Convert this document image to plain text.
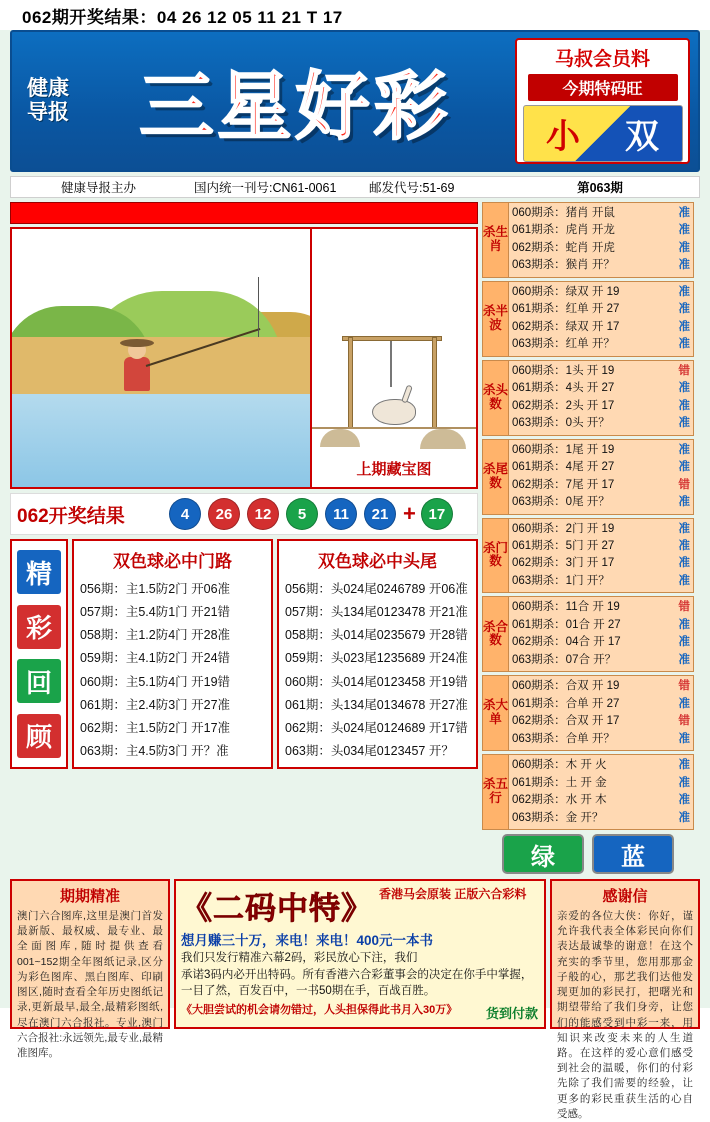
062期开奖结果：04 26 12 05 11 21 T 17
健康导报 三星好彩
马叔会员料
今期特码旺
小	双
健康导报主办	国内统一刊号:CN61-0061	邮发代号:51-69	第063期
上期藏宝图
062开奖结果	4	26	12	5	11	21 + 17
精
彩
回
顾
双色球必中门路
056期：主1.5防2门 开06准
057期：主5.4防1门 开21错
058期：主1.2防4门 开28准
059期：主4.1防2门 开24错
060期：主5.1防4门 开19错
061期：主2.4防3门 开27准
062期：主1.5防2门 开17准
063期：主4.5防3门 开？准
双色球必中头尾
056期：头024尾0246789 开06准
057期：头134尾0123478 开21准
058期：头014尾0235679 开28错
059期：头023尾1235689 开24准
060期：头014尾0123458 开19错
061期：头134尾0134678 开27准
062期：头024尾0124689 开17错
063期：头034尾0123457 开？
杀生肖
060期杀：猪肖 开鼠	准
061期杀：虎肖 开龙	准
062期杀：蛇肖 开虎	准
063期杀：猴肖 开？	准
杀半波
060期杀：绿双 开 19	准
061期杀：红单 开 27	准
062期杀：绿双 开 17	准
063期杀：红单 开？	准
杀头数
060期杀：1头 开 19	错
061期杀：4头 开 27	准
062期杀：2头 开 17	准
063期杀：0头 开？	准
杀尾数
060期杀：1尾 开 19	准
061期杀：4尾 开 27	准
062期杀：7尾 开 17	错
063期杀：0尾 开？	准
杀门数
060期杀：2门 开 19	准
061期杀：5门 开 27	准
062期杀：3门 开 17	准
063期杀：1门 开？	准
杀合数
060期杀：11合 开 19	错
061期杀：01合 开 27	准
062期杀：04合 开 17	准
063期杀：07合 开？	准
杀大单
060期杀：合双 开 19	错
061期杀：合单 开 27	准
062期杀：合双 开 17	错
063期杀：合单 开？	准
杀五行
060期杀：木 开 火	准
061期杀：土 开 金	准
062期杀：水 开 木	准
063期杀：金 开？	准
绿	蓝
期期精准

澳门六合图库,这里是澳门首发最新版、最权威、最专业、最全面图库,随时提供查看001~152期全年图纸记录,区分为彩色图库、黑白图库、印刷图区,随时查看全年历史图纸记录,更新最早,最全,最精彩图纸,尽在澳门六合报社。专业,澳门六合报社:永远领先,最专业,最精准图库。

《二码中特》 香港马会原装 正版六合彩料
想月赚三十万，来电！来电！400元一本书

我们只发行精准六幕2码，彩民放心下注，我们

承诺3码内必开出特码。所有香港六合彩董事会的决定在你手中掌握，一目了然，百发百中，一书50期在手，百战百胜。

《大胆尝试的机会请勿错过，人头担保得此书月入30万》	货到付款
感谢信

亲爱的各位大侠：你好，谨允许我代表全体彩民向你们表达最诚挚的谢意！在这个充实的季节里，您用那那金子般的心，那艺我们达他发现更加的彩民打，把曙光和期望带给了我们身旁，让您们的能感受到中彩一来，用知识来改变未来的人生道路。在这样的爱心意们感受到社会的温暖，你们的付彩先除了我们需要的经验，让更多的彩民重获生活的心自受感。
